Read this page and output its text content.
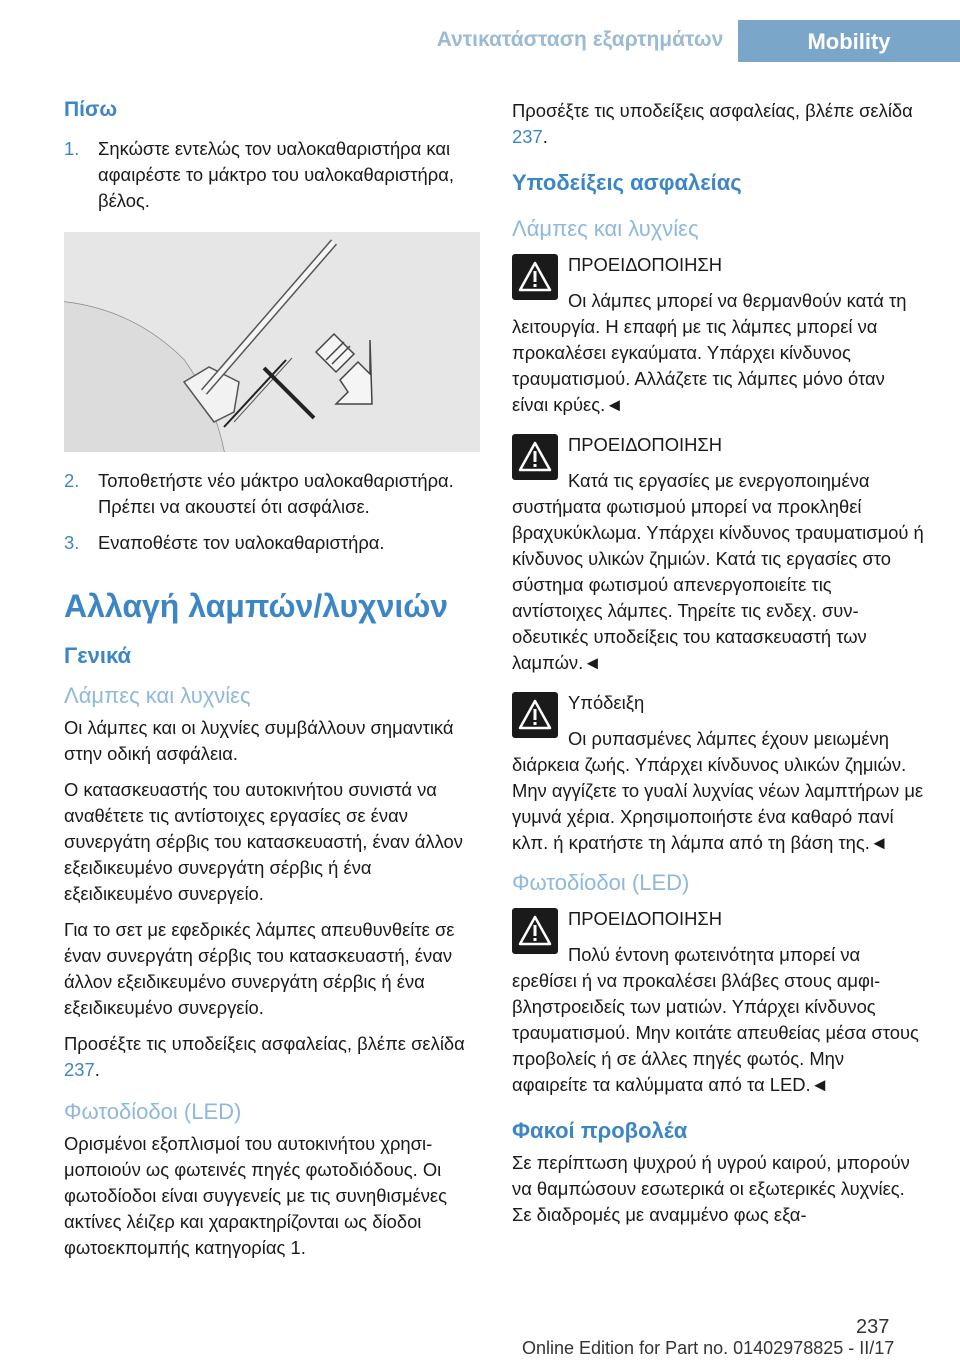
Αντικατάσταση εξαρτημάτων	Mobility
Πίσω
1. Σηκώστε εντελώς τον υαλοκαθαριστήρα και αφαιρέστε το μάκτρο του υαλοκαθαριστήρα, βέλος.
2. Τοποθετήστε νέο μάκτρο υαλοκαθαριστήρα. Πρέπει να ακουστεί ότι ασφάλισε.
3. Εναποθέστε τον υαλοκαθαριστήρα.
Αλλαγή λαμπών/λυχνιών
Γενικά
Λάμπες και λυχνίες

Οι λάμπες και οι λυχνίες συμβάλλουν σημαντικά στην οδική ασφάλεια.

Ο κατασκευαστής του αυτοκινήτου συνιστά να αναθέτετε τις αντίστοιχες εργασίες σε έναν συνεργάτη σέρβις του κατασκευαστή, έναν άλλον εξειδικευμένο συνεργάτη σέρβις ή ένα εξειδικευμένο συνεργείο.

Για το σετ με εφεδρικές λάμπες απευθυνθείτε σε έναν συνεργάτη σέρβις του κατασκευαστή, έναν άλλον εξειδικευμένο συνεργάτη σέρβις ή ένα εξειδικευμένο συνεργείο.

Προσέξτε τις υποδείξεις ασφαλείας, βλέπε σελίδα 237.

Φωτοδίοδοι (LED)

Ορισμένοι εξοπλισμοί του αυτοκινήτου χρησιμοποιούν ως φωτεινές πηγές φωτοδιόδους. Οι φωτοδίοδοι είναι συγγενείς με τις συνηθισμένες ακτίνες λέιζερ και χαρακτηρίζονται ως δίοδοι φωτοεκπομπής κατηγορίας 1.

Προσέξτε τις υποδείξεις ασφαλείας, βλέπε σελίδα 237.

Υποδείξεις ασφαλείας
Λάμπες και λυχνίες
ΠΡΟΕΙΔΟΠΟΙΗΣΗ

Οι λάμπες μπορεί να θερμανθούν κατά τη λειτουργία. Η επαφή με τις λάμπες μπορεί να προκαλέσει εγκαύματα. Υπάρχει κίνδυνος τραυματισμού. Αλλάζετε τις λάμπες μόνο όταν είναι κρύες.◄

ΠΡΟΕΙΔΟΠΟΙΗΣΗ

Κατά τις εργασίες με ενεργοποιημένα συστήματα φωτισμού μπορεί να προκληθεί βραχυκύκλωμα. Υπάρχει κίνδυνος τραυματισμού ή κίνδυνος υλικών ζημιών. Κατά τις εργασίες στο σύστημα φωτισμού απενεργοποιείτε τις αντίστοιχες λάμπες. Τηρείτε τις ενδεχ. συνοδευτικές υποδείξεις του κατασκευαστή των λαμπών.◄

Υπόδειξη

Οι ρυπασμένες λάμπες έχουν μειωμένη διάρκεια ζωής. Υπάρχει κίνδυνος υλικών ζημιών. Μην αγγίζετε το γυαλί λυχνίας νέων λαμπτήρων με γυμνά χέρια. Χρησιμοποιήστε ένα καθαρό πανί κλπ. ή κρατήστε τη λάμπα από τη βάση της.◄

Φωτοδίοδοι (LED)
ΠΡΟΕΙΔΟΠΟΙΗΣΗ

Πολύ έντονη φωτεινότητα μπορεί να ερεθίσει ή να προκαλέσει βλάβες στους αμφιβληστροειδείς των ματιών. Υπάρχει κίνδυνος τραυματισμού. Μην κοιτάτε απευθείας μέσα στους προβολείς ή σε άλλες πηγές φωτός. Μην αφαιρείτε τα καλύμματα από τα LED.◄

Φακοί προβολέα

Σε περίπτωση ψυχρού ή υγρού καιρού, μπορούν να θαμπώσουν εσωτερικά οι εξωτερικές λυχνίες. Σε διαδρομές με αναμμένο φως εξα-

237
Online Edition for Part no. 01402978825 - II/17
